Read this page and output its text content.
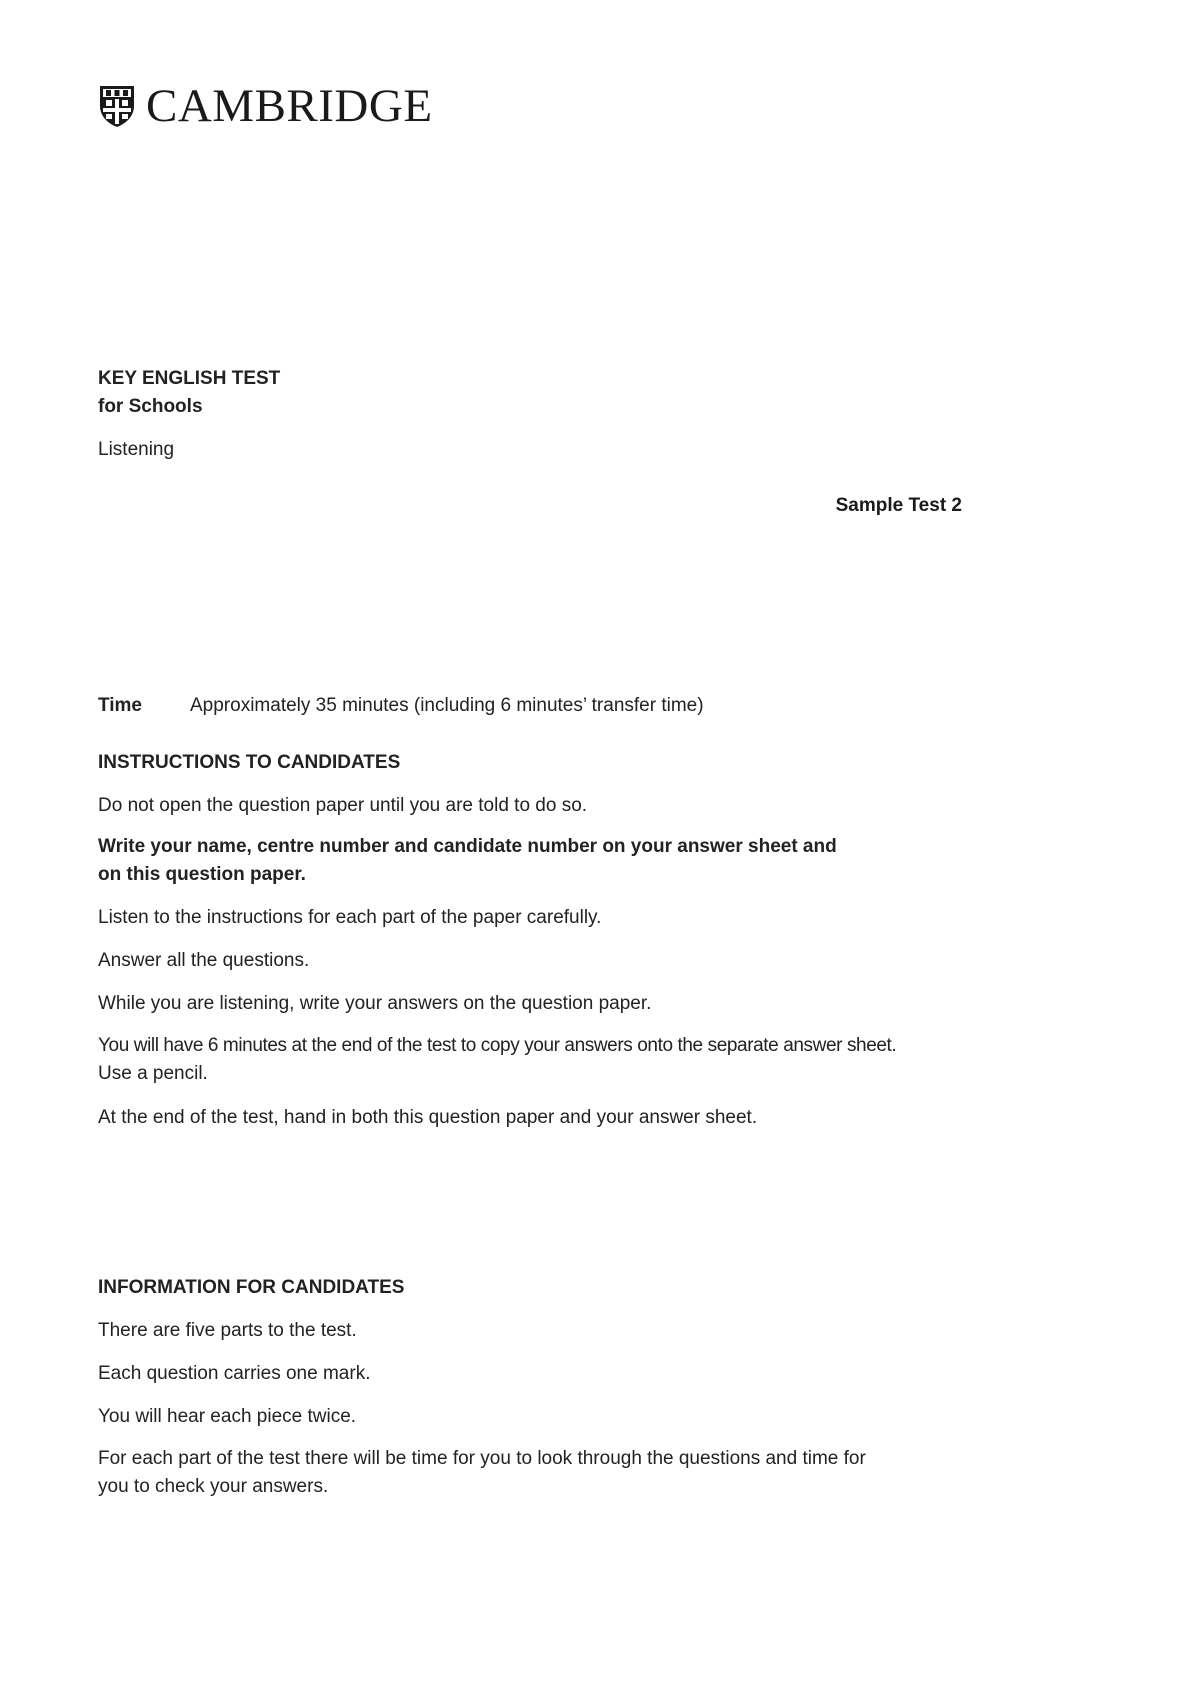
CAMBRIDGE
KEY ENGLISH TEST
for Schools
Listening
Sample Test 2
Time	Approximately 35 minutes (including 6 minutes’ transfer time)
INSTRUCTIONS TO CANDIDATES
Do not open the question paper until you are told to do so.
Write your name, centre number and candidate number on your answer sheet and
on this question paper.
Listen to the instructions for each part of the paper carefully.
Answer all the questions.
While you are listening, write your answers on the question paper.
You will have 6 minutes at the end of the test to copy your answers onto the separate answer sheet.
Use a pencil.
At the end of the test, hand in both this question paper and your answer sheet.
INFORMATION FOR CANDIDATES
There are five parts to the test.
Each question carries one mark.
You will hear each piece twice.
For each part of the test there will be time for you to look through the questions and time for
you to check your answers.
